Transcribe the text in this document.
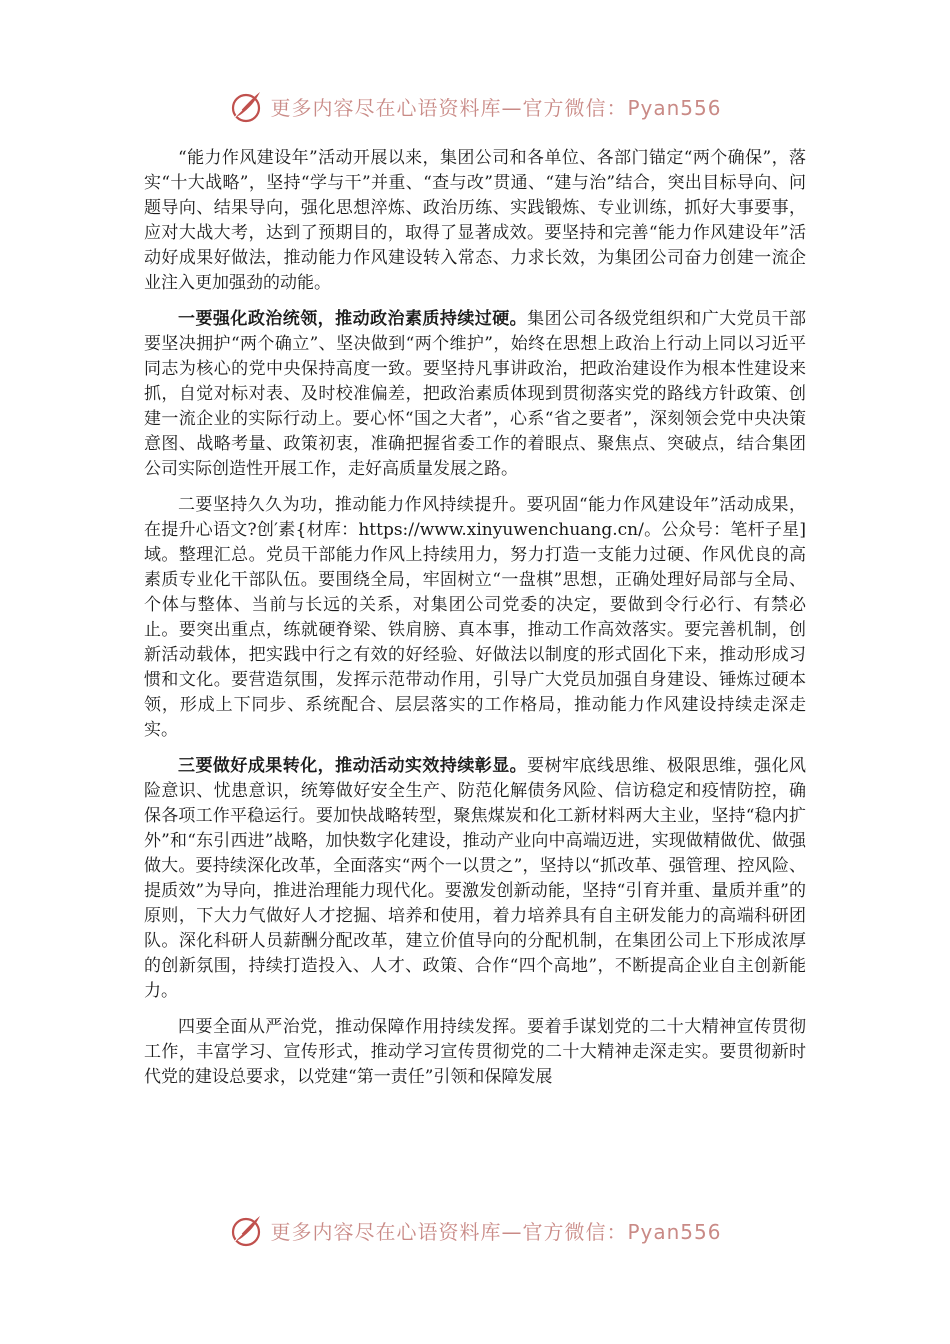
更多内容尽在心语资料库—官方微信：Pyan556

“能力作风建设年”活动开展以来，集团公司和各单位、各部门锚定“两个确保”，落实“十大战略”，坚持“学与干”并重、“查与改”贯通、“建与治”结合，突出目标导向、问题导向、结果导向，强化思想淬炼、政治历练、实践锻炼、专业训练，抓好大事要事，应对大战大考，达到了预期目的，取得了显著成效。要坚持和完善“能力作风建设年”活动好成果好做法，推动能力作风建设转入常态、力求长效，为集团公司奋力创建一流企业注入更加强劲的动能。

一要强化政治统领，推动政治素质持续过硬。集团公司各级党组织和广大党员干部要坚决拥护“两个确立”、坚决做到“两个维护”，始终在思想上政治上行动上同以习近平同志为核心的党中央保持高度一致。要坚持凡事讲政治，把政治建设作为根本性建设来抓，自觉对标对表、及时校准偏差，把政治素质体现到贯彻落实党的路线方针政策、创建一流企业的实际行动上。要心怀“国之大者”，心系“省之要者”，深刻领会党中央决策意图、战略考量、政策初衷，准确把握省委工作的着眼点、聚焦点、突破点，结合集团公司实际创造性开展工作，走好高质量发展之路。

二要坚持久久为功，推动能力作风持续提升。要巩固“能力作风建设年”活动成果，在提升心语文?创′素{材库：https://www.xinyuwenchuang.cn/。公众号：笔杆子星]域。整理汇总。党员干部能力作风上持续用力，努力打造一支能力过硬、作风优良的高素质专业化干部队伍。要围绕全局，牢固树立“一盘棋”思想，正确处理好局部与全局、个体与整体、当前与长远的关系，对集团公司党委的决定，要做到令行必行、有禁必止。要突出重点，练就硬脊梁、铁肩膀、真本事，推动工作高效落实。要完善机制，创新活动载体，把实践中行之有效的好经验、好做法以制度的形式固化下来，推动形成习惯和文化。要营造氛围，发挥示范带动作用，引导广大党员加强自身建设、锤炼过硬本领，形成上下同步、系统配合、层层落实的工作格局，推动能力作风建设持续走深走实。

三要做好成果转化，推动活动实效持续彰显。要树牢底线思维、极限思维，强化风险意识、忧患意识，统筹做好安全生产、防范化解债务风险、信访稳定和疫情防控，确保各项工作平稳运行。要加快战略转型，聚焦煤炭和化工新材料两大主业，坚持“稳内扩外”和“东引西进”战略，加快数字化建设，推动产业向中高端迈进，实现做精做优、做强做大。要持续深化改革，全面落实“两个一以贯之”，坚持以“抓改革、强管理、控风险、提质效”为导向，推进治理能力现代化。要激发创新动能，坚持“引育并重、量质并重”的原则，下大力气做好人才挖掘、培养和使用，着力培养具有自主研发能力的高端科研团队。深化科研人员薪酬分配改革，建立价值导向的分配机制，在集团公司上下形成浓厚的创新氛围，持续打造投入、人才、政策、合作“四个高地”，不断提高企业自主创新能力。

四要全面从严治党，推动保障作用持续发挥。要着手谋划党的二十大精神宣传贯彻工作，丰富学习、宣传形式，推动学习宣传贯彻党的二十大精神走深走实。要贯彻新时代党的建设总要求，以党建“第一责任”引领和保障发展

更多内容尽在心语资料库—官方微信：Pyan556
